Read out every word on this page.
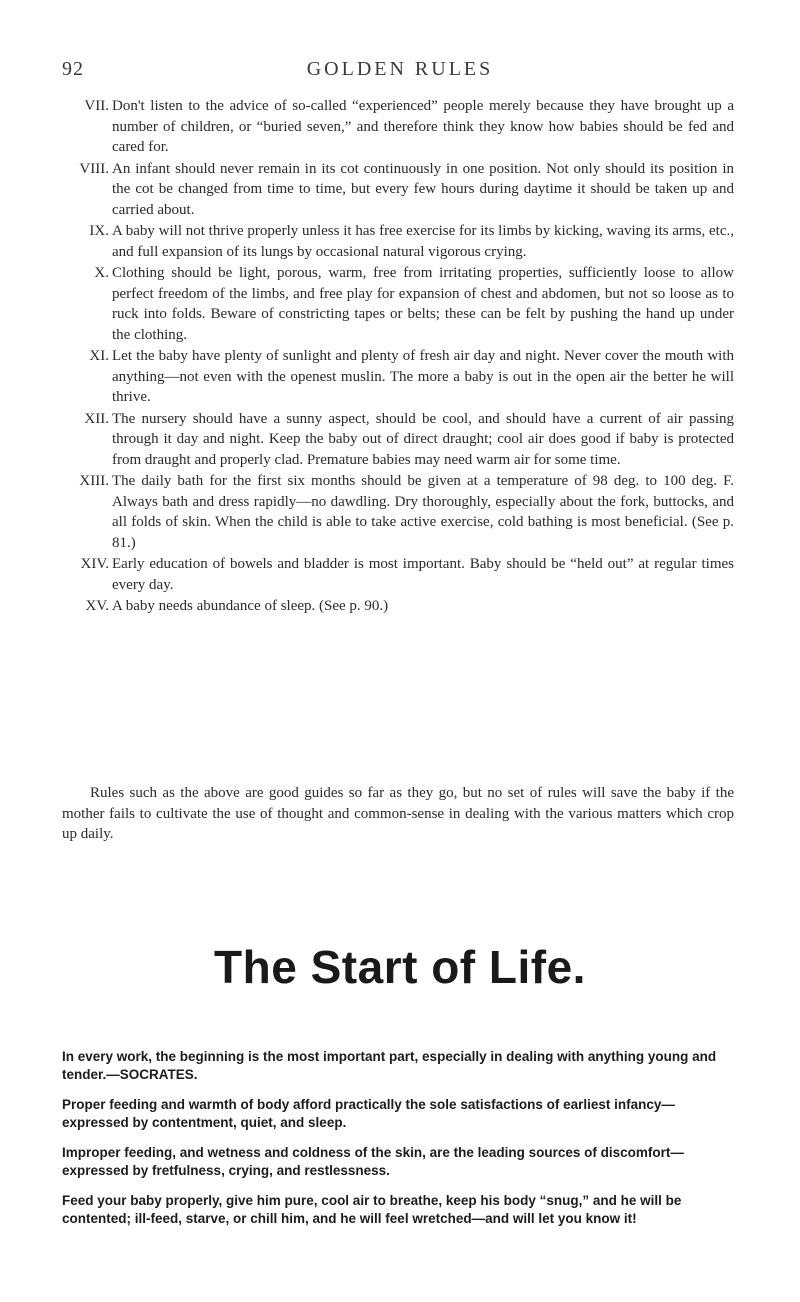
92	GOLDEN RULES

VII. Don't listen to the advice of so-called “experienced” people merely because they have brought up a number of children, or “buried seven,” and therefore think they know how babies should be fed and cared for.

VIII. An infant should never remain in its cot continuously in one position. Not only should its position in the cot be changed from time to time, but every few hours during daytime it should be taken up and carried about.

IX. A baby will not thrive properly unless it has free exercise for its limbs by kicking, waving its arms, etc., and full expansion of its lungs by occasional natural vigorous crying.

X. Clothing should be light, porous, warm, free from irritating properties, sufficiently loose to allow perfect freedom of the limbs, and free play for expansion of chest and abdomen, but not so loose as to ruck into folds. Beware of constricting tapes or belts; these can be felt by pushing the hand up under the clothing.

XI. Let the baby have plenty of sunlight and plenty of fresh air day and night. Never cover the mouth with anything—not even with the openest muslin. The more a baby is out in the open air the better he will thrive.

XII. The nursery should have a sunny aspect, should be cool, and should have a current of air passing through it day and night. Keep the baby out of direct draught; cool air does good if baby is protected from draught and properly clad. Premature babies may need warm air for some time.

XIII. The daily bath for the first six months should be given at a temperature of 98 deg. to 100 deg. F. Always bath and dress rapidly—no dawdling. Dry thoroughly, especially about the fork, buttocks, and all folds of skin. When the child is able to take active exercise, cold bathing is most beneficial. (See p. 81.)

XIV. Early education of bowels and bladder is most important. Baby should be “held out” at regular times every day.

XV. A baby needs abundance of sleep. (See p. 90.)

Rules such as the above are good guides so far as they go, but no set of rules will save the baby if the mother fails to cultivate the use of thought and common-sense in dealing with the various matters which crop up daily.

The Start of Life.

In every work, the beginning is the most important part, especially in dealing with anything young and tender.—SOCRATES.

Proper feeding and warmth of body afford practically the sole satisfactions of earliest infancy—expressed by contentment, quiet, and sleep.

Improper feeding, and wetness and coldness of the skin, are the leading sources of discomfort—expressed by fretfulness, crying, and restlessness.

Feed your baby properly, give him pure, cool air to breathe, keep his body “snug,” and he will be contented; ill-feed, starve, or chill him, and he will feel wretched—and will let you know it!
